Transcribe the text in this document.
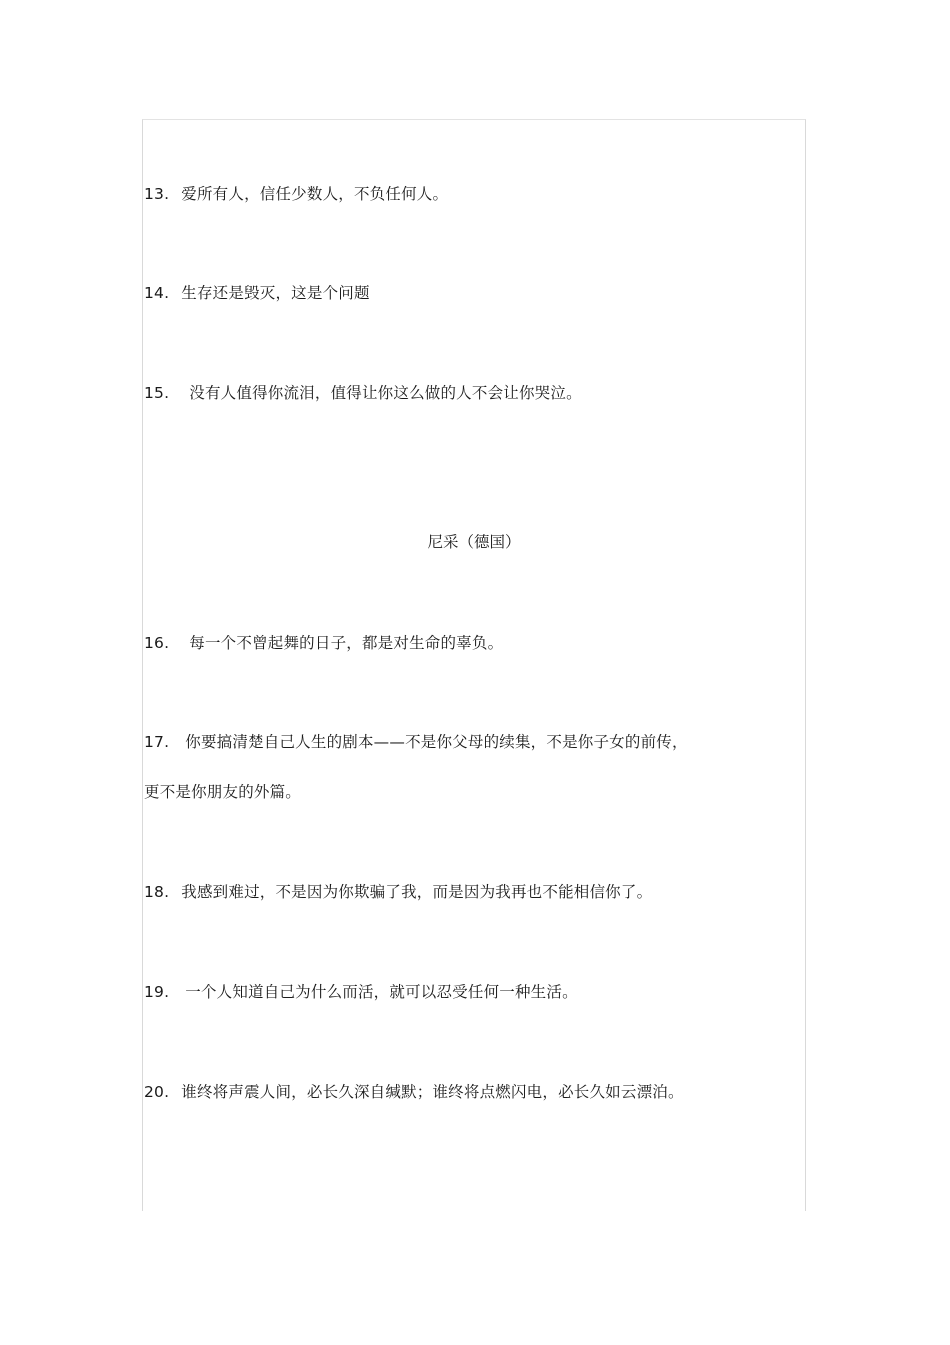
13. 爱所有人，信任少数人，不负任何人。
14. 生存还是毁灭，这是个问题
15. 没有人值得你流泪，值得让你这么做的人不会让你哭泣。
尼采（德国）
16. 每一个不曾起舞的日子，都是对生命的辜负。
17. 你要搞清楚自己人生的剧本——不是你父母的续集，不是你子女的前传，
更不是你朋友的外篇。
18. 我感到难过，不是因为你欺骗了我，而是因为我再也不能相信你了。
19. 一个人知道自己为什么而活，就可以忍受任何一种生活。
20. 谁终将声震人间，必长久深自缄默；谁终将点燃闪电，必长久如云漂泊。
